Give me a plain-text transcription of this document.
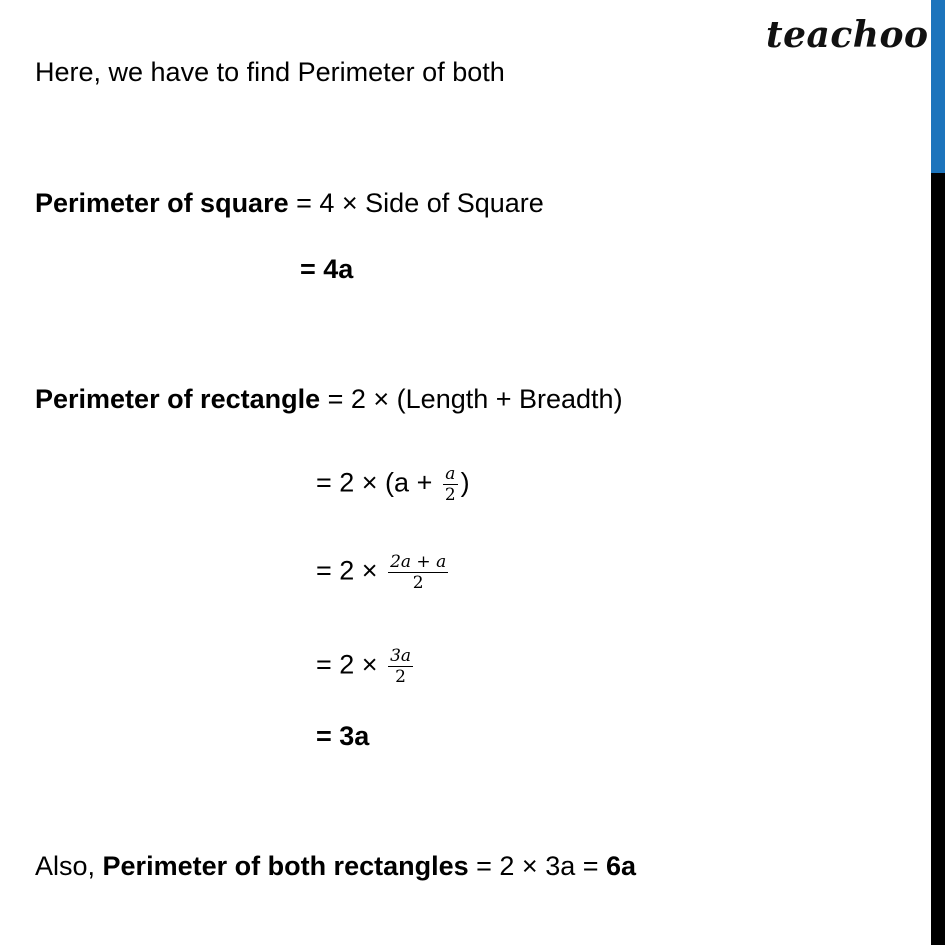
teachoo
Here, we have to find Perimeter of both
Perimeter of square = 4 × Side of Square
= 4a
Perimeter of rectangle = 2 × (Length + Breadth)
= $2 \times (a + \frac{a}{2}$ )
= $2 \times \frac{2a + a}{2}$
= $2 \times \frac{3a}{2}$
= 3a
Also, Perimeter of both rectangles = 2 × 3a = 6a
